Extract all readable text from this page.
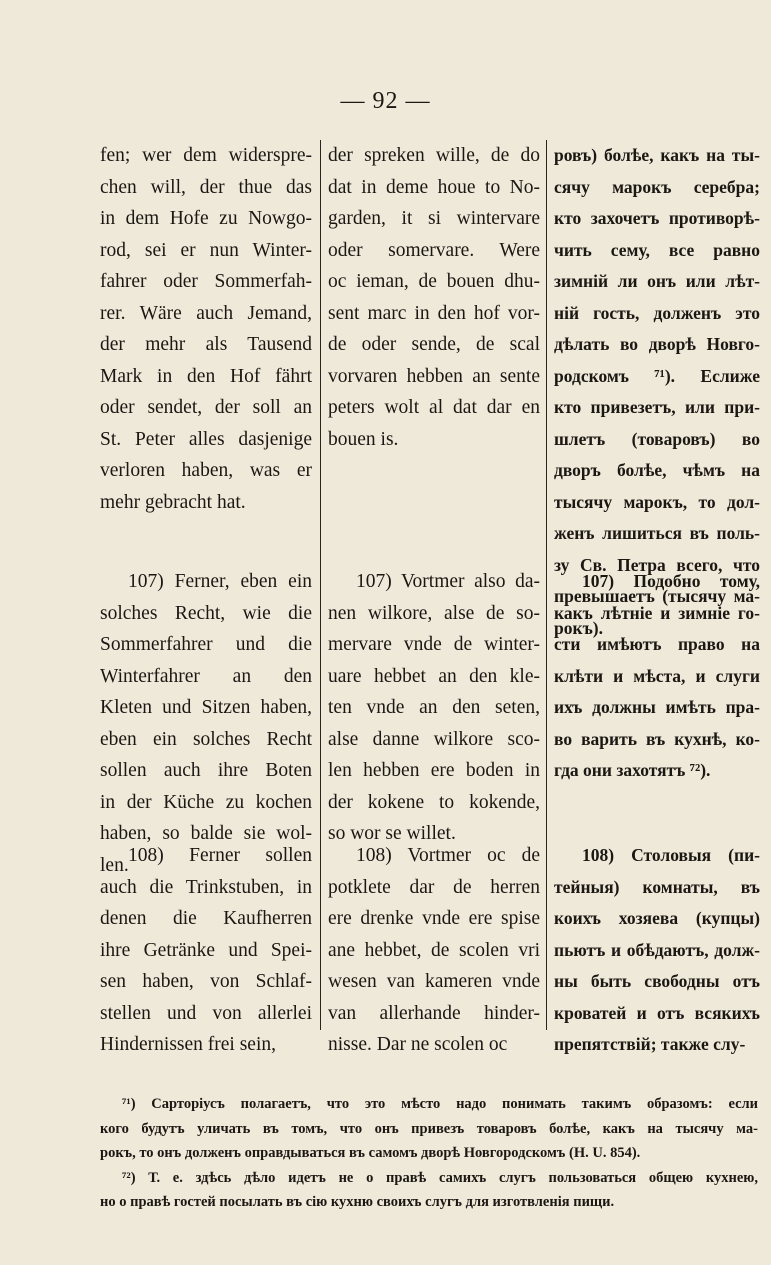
— 92 —
fen; wer dem widerspre-
chen will, der thue das
in dem Hofe zu Nowgo-
rod, sei er nun Winter-
fahrer oder Sommerfah-
rer. Wäre auch Jemand,
der mehr als Tausend
Mark in den Hof fährt
oder sendet, der soll an
St. Peter alles dasjenige
verloren haben, was er
mehr gebracht hat.
107) Ferner, eben ein
solches Recht, wie die
Sommerfahrer und die
Winterfahrer an den
Kleten und Sitzen haben,
eben ein solches Recht
sollen auch ihre Boten
in der Küche zu kochen
haben, so balde sie wol-
len. 108) Ferner sollen
auch die Trinkstuben, in
denen die Kaufherren
ihre Getränke und Spei-
sen haben, von Schlaf-
stellen und von allerlei
Hindernissen frei sein,
der spreken wille, de do
dat in deme houe to No-
garden, it si wintervare
oder somervare. Were
oc ieman, de bouen dhu-
sent marc in den hof vor-
de oder sende, de scal
vorvaren hebben an sente
peters wolt al dat dar en
bouen is.
107) Vortmer also da-
nen wilkore, alse de so-
mervare vnde de winter-
uare hebbet an den kle-
ten vnde an den seten,
alse danne wilkore sco-
len hebben ere boden in
der kokene to kokende,
so wor se willet.
108) Vortmer oc de
potklete dar de herren
ere drenke vnde ere spise
ane hebbet, de scolen vri
wesen van kameren vnde
van allerhande hinder-
nisse. Dar ne scolen oc
ровъ) болѣе, какъ на ты-
сячу марокъ серебра;
кто захочетъ противорѣ-
чить сему, все равно
зимній ли онъ или лѣт-
ній гость, долженъ это
дѣлать во дворѣ Новго-
родскомъ ⁷¹). Еслиже
кто привезетъ, или при-
шлетъ (товаровъ) во
дворъ болѣе, чѣмъ на
тысячу марокъ, то дол-
женъ лишиться въ поль-
зу Св. Петра всего, что
превышаетъ (тысячу ма-
рокъ).
107) Подобно тому,
какъ лѣтніе и зимніе го-
сти имѣютъ право на
клѣти и мѣста, и слуги
ихъ должны имѣть пра-
во варить въ кухнѣ, ко-
гда они захотятъ ⁷²).
108) Столовыя (пи-
тейныя) комнаты, въ
коихъ хозяева (купцы)
пьютъ и обѣдаютъ, долж-
ны быть свободны отъ
кроватей и отъ всякихъ
препятствій; также слу-
⁷¹) Сарторіусъ полагаетъ, что это мѣсто надо понимать такимъ образомъ: если
кого будутъ уличать въ томъ, что онъ привезъ товаровъ болѣе, какъ на тысячу ма-
рокъ, то онъ долженъ оправдываться въ самомъ дворѣ Новгородскомъ (H. U. 854).
⁷²) Т. е. здѣсь дѣло идетъ не о правѣ самихъ слугъ пользоваться общею кухнею,
но о правѣ гостей посылать въ сію кухню своихъ слугъ для изготвленія пищи.
